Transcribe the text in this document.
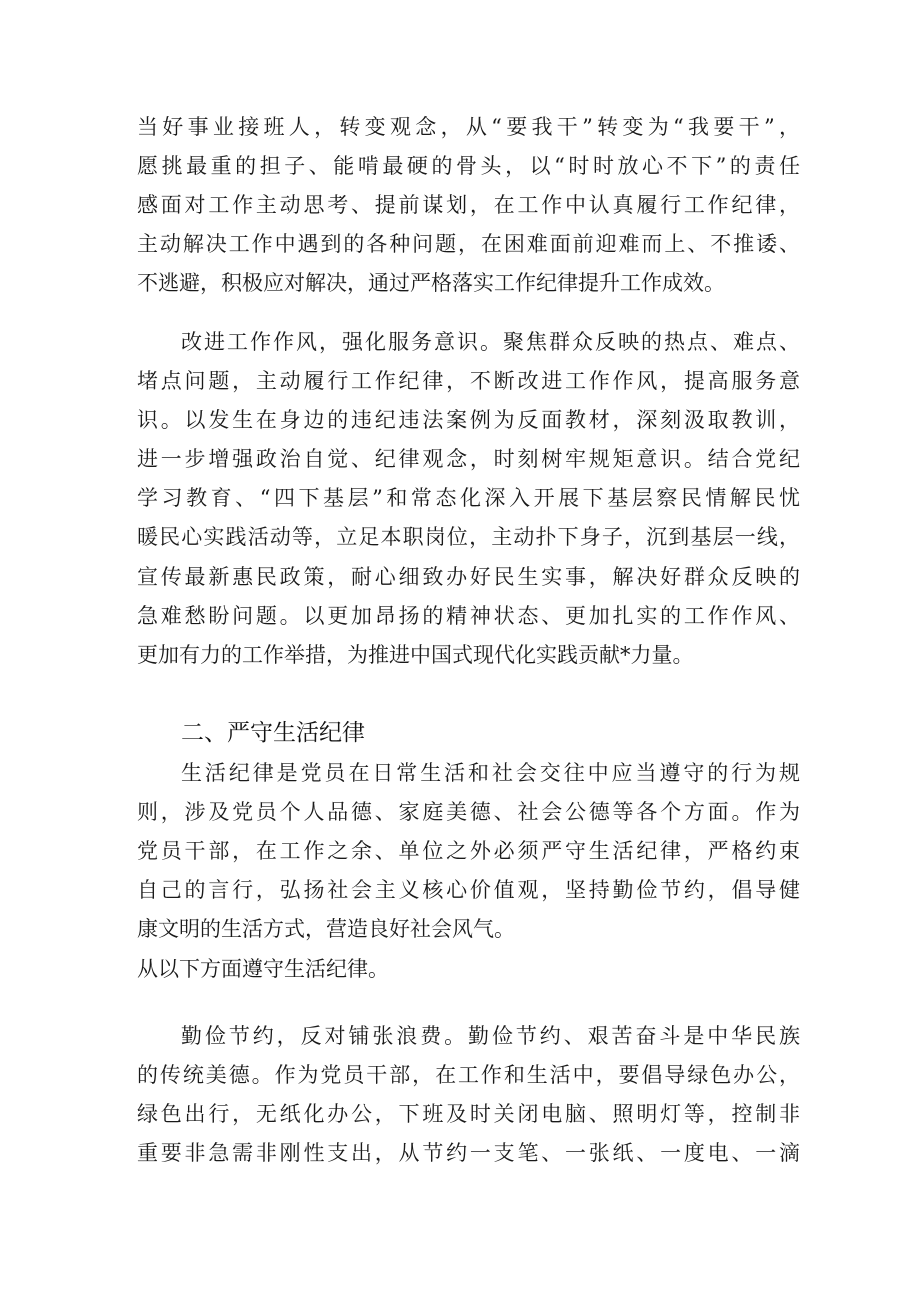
当好事业接班人，转变观念，从“要我干”转变为“我要干”，
愿挑最重的担子、能啃最硬的骨头，以“时时放心不下”的责任
感面对工作主动思考、提前谋划，在工作中认真履行工作纪律，
主动解决工作中遇到的各种问题，在困难面前迎难而上、不推诿、
不逃避，积极应对解决，通过严格落实工作纪律提升工作成效。
改进工作作风，强化服务意识。聚焦群众反映的热点、难点、
堵点问题，主动履行工作纪律，不断改进工作作风，提高服务意
识。以发生在身边的违纪违法案例为反面教材，深刻汲取教训，
进一步增强政治自觉、纪律观念，时刻树牢规矩意识。结合党纪
学习教育、“四下基层”和常态化深入开展下基层察民情解民忧
暖民心实践活动等，立足本职岗位，主动扑下身子，沉到基层一线，
宣传最新惠民政策，耐心细致办好民生实事，解决好群众反映的
急难愁盼问题。以更加昂扬的精神状态、更加扎实的工作作风、
更加有力的工作举措，为推进中国式现代化实践贡献*力量。
二、严守生活纪律
生活纪律是党员在日常生活和社会交往中应当遵守的行为规
则，涉及党员个人品德、家庭美德、社会公德等各个方面。作为
党员干部，在工作之余、单位之外必须严守生活纪律，严格约束
自己的言行，弘扬社会主义核心价值观，坚持勤俭节约，倡导健
康文明的生活方式，营造良好社会风气。
从以下方面遵守生活纪律。
勤俭节约，反对铺张浪费。勤俭节约、艰苦奋斗是中华民族
的传统美德。作为党员干部，在工作和生活中，要倡导绿色办公，
绿色出行，无纸化办公，下班及时关闭电脑、照明灯等，控制非
重要非急需非刚性支出，从节约一支笔、一张纸、一度电、一滴
